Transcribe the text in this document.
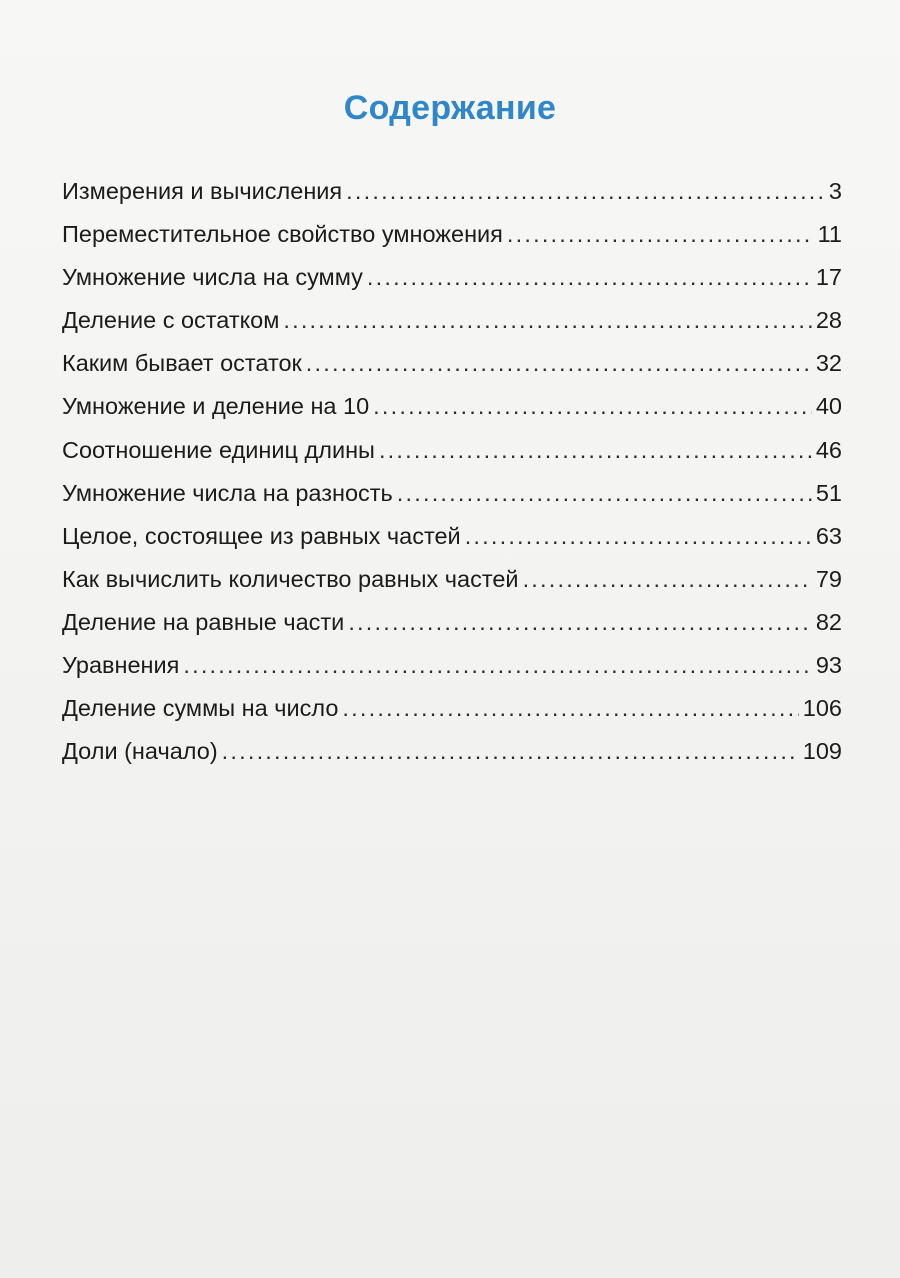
Содержание
Измерения и вычисления .....	3
Переместительное свойство умножения .....	11
Умножение числа на сумму .....	17
Деление с остатком .....	28
Каким бывает остаток .....	32
Умножение и деление на 10 .....	40
Соотношение единиц длины .....	46
Умножение числа на разность .....	51
Целое, состоящее из равных частей .....	63
Как вычислить количество равных частей .....	79
Деление на равные части .....	82
Уравнения .....	93
Деление суммы на число .....	106
Доли (начало) .....	109
